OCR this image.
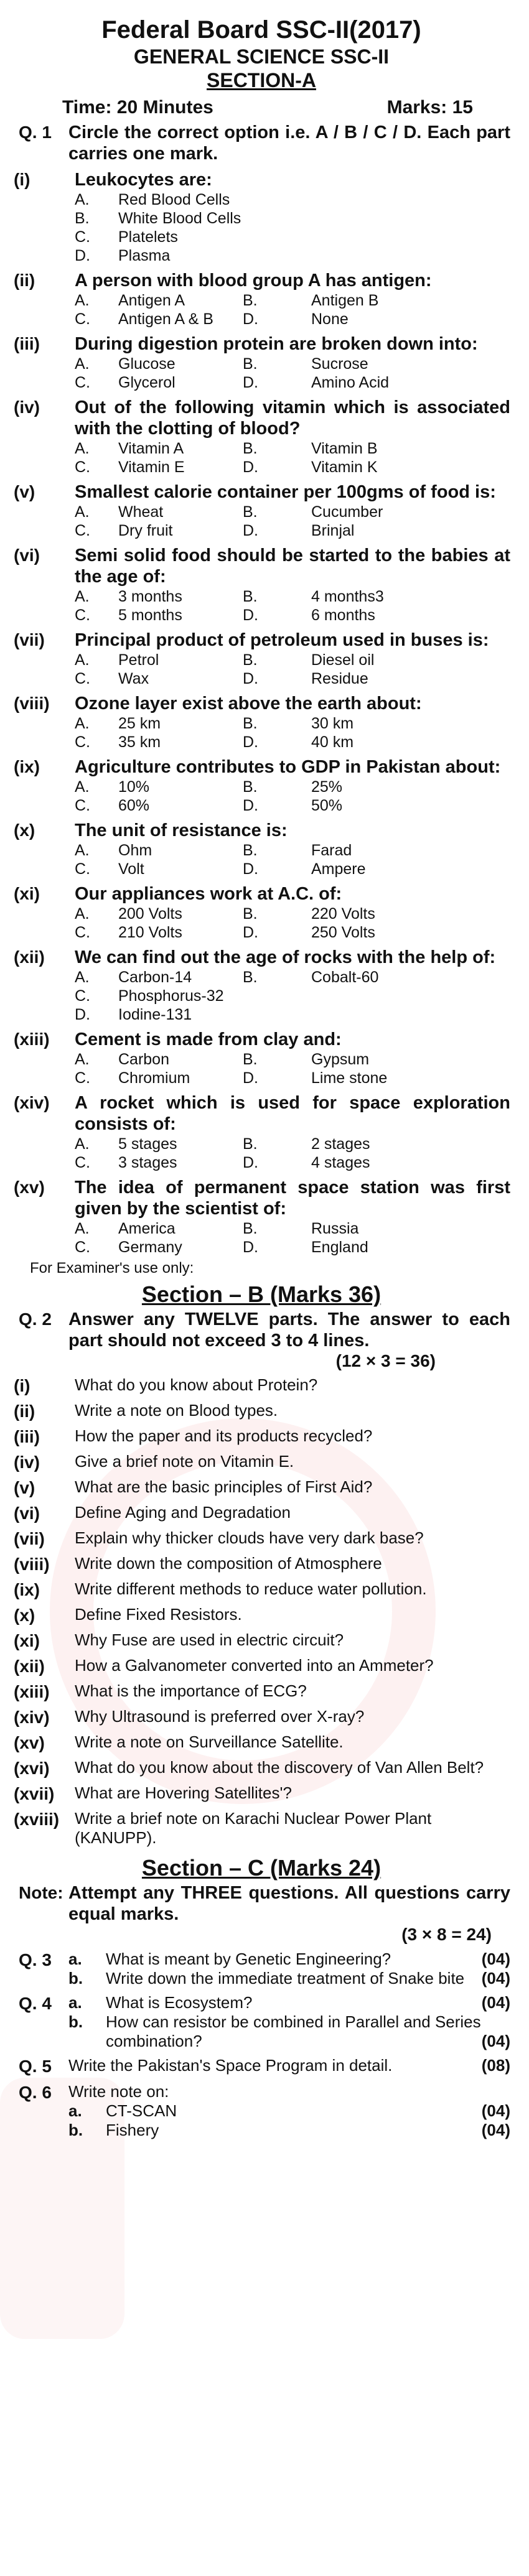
Federal Board SSC-II(2017)
GENERAL SCIENCE SSC-II
SECTION-A
Time: 20 Minutes	Marks: 15
Q. 1 Circle the correct option i.e. A / B / C / D. Each part carries one mark.
(i)	Leukocytes are:
A.	Red Blood Cells
B.	White Blood Cells
C.	Platelets
D.	Plasma
(ii)	A person with blood group A has antigen:
A.	Antigen A	B.	Antigen B
C.	Antigen A & B	D.	None
(iii)	During digestion protein are broken down into:
A.	Glucose	B.	Sucrose
C.	Glycerol	D.	Amino Acid
(iv)	Out of the following vitamin which is associated with the clotting of blood?
A.	Vitamin A	B.	Vitamin B
C.	Vitamin E	D.	Vitamin K
(v)	Smallest calorie container per 100gms of food is:
A.	Wheat	B.	Cucumber
C.	Dry fruit	D.	Brinjal
(vi)	Semi solid food should be started to the babies at the age of:
A.	3 months	B.	4 months3
C.	5 months	D.	6 months
(vii)	Principal product of petroleum used in buses is:
A.	Petrol	B.	Diesel oil
C.	Wax	D.	Residue
(viii)	Ozone layer exist above the earth about:
A.	25 km	B.	30 km
C.	35 km	D.	40 km
(ix)	Agriculture contributes to GDP in Pakistan about:
A.	10%	B.	25%
C.	60%	D.	50%
(x)	The unit of resistance is:
A.	Ohm	B.	Farad
C.	Volt	D.	Ampere
(xi)	Our appliances work at A.C. of:
A.	200 Volts	B.	220 Volts
C.	210 Volts	D.	250 Volts
(xii)	We can find out the age of rocks with the help of:
A.	Carbon-14	B.	Cobalt-60
C.	Phosphorus-32
D.	Iodine-131
(xiii)	Cement is made from clay and:
A.	Carbon	B.	Gypsum
C.	Chromium	D.	Lime stone
(xiv)	A rocket which is used for space exploration consists of:
A.	5 stages	B.	2 stages
C.	3 stages	D.	4 stages
(xv)	The idea of permanent space station was first given by the scientist of:
A.	America	B.	Russia
C.	Germany	D.	England
For Examiner's use only:
Section – B (Marks 36)
Q. 2 Answer any TWELVE parts. The answer to each part should not exceed 3 to 4 lines.
(12 × 3 = 36)
(i)	What do you know about Protein?
(ii)	Write a note on Blood types.
(iii)	How the paper and its products recycled?
(iv)	Give a brief note on Vitamin E.
(v)	What are the basic principles of First Aid?
(vi)	Define Aging and Degradation
(vii)	Explain why thicker clouds have very dark base?
(viii)	Write down the composition of Atmosphere
(ix)	Write different methods to reduce water pollution.
(x)	Define Fixed Resistors.
(xi)	Why Fuse are used in electric circuit?
(xii)	How a Galvanometer converted into an Ammeter?
(xiii)	What is the importance of ECG?
(xiv)	Why Ultrasound is preferred over X-ray?
(xv)	Write a note on Surveillance Satellite.
(xvi)	What do you know about the discovery of Van Allen Belt?
(xvii)	What are Hovering Satellites'?
(xviii) Write a brief note on Karachi Nuclear Power Plant (KANUPP).
Section – C (Marks 24)
Note: Attempt any THREE questions. All questions carry equal marks.
(3 × 8 = 24)
Q. 3	a.	What is meant by Genetic Engineering?	(04)
b.	Write down the immediate treatment of Snake bite (04)
Q. 4	a.	What is Ecosystem?	(04)
b.	How can resistor be combined in Parallel and Series combination?	(04)
Q. 5	Write the Pakistan's Space Program in detail.	(08)
Q. 6	Write note on:
a.	CT-SCAN	(04)
b.	Fishery	(04)
